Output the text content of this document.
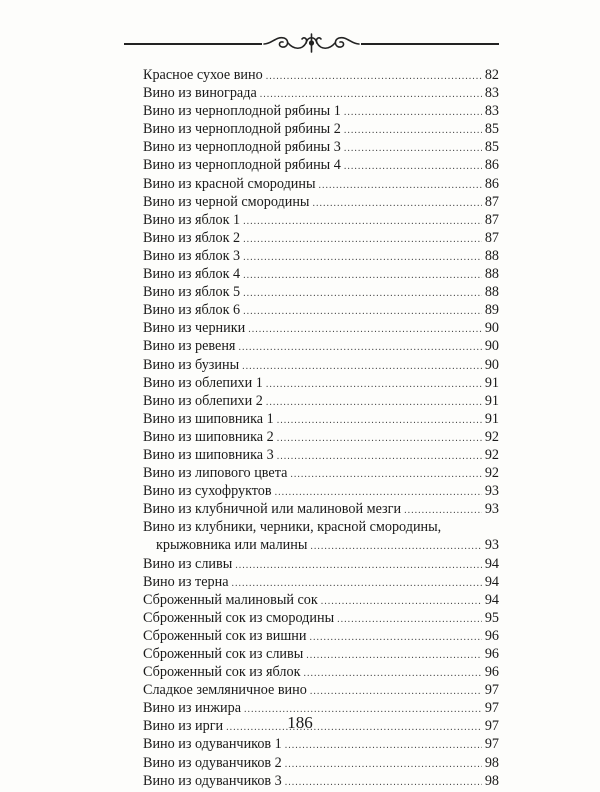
Красное сухое вино .....	82
Вино из винограда .....	83
Вино из черноплодной рябины 1 .....	83
Вино из черноплодной рябины 2 .....	85
Вино из черноплодной рябины 3 .....	85
Вино из черноплодной рябины 4 .....	86
Вино из красной смородины .....	86
Вино из черной смородины .....	87
Вино из яблок 1 .....	87
Вино из яблок 2 .....	87
Вино из яблок 3 .....	88
Вино из яблок 4 .....	88
Вино из яблок 5 .....	88
Вино из яблок 6 .....	89
Вино из черники .....	90
Вино из ревеня .....	90
Вино из бузины .....	90
Вино из облепихи 1 .....	91
Вино из облепихи 2 .....	91
Вино из шиповника 1 .....	91
Вино из шиповника 2 .....	92
Вино из шиповника 3 .....	92
Вино из липового цвета .....	92
Вино из сухофруктов .....	93
Вино из клубничной или малиновой мезги .....	93
Вино из клубники, черники, красной смородины,
крыжовника или малины .....	93
Вино из сливы .....	94
Вино из терна .....	94
Сброженный малиновый сок .....	94
Сброженный сок из смородины .....	95
Сброженный сок из вишни .....	96
Сброженный сок из сливы .....	96
Сброженный сок из яблок .....	96
Сладкое земляничное вино .....	97
Вино из инжира .....	97
Вино из ирги .....	97
Вино из одуванчиков 1 .....	97
Вино из одуванчиков 2 .....	98
Вино из одуванчиков 3 .....	98
186
